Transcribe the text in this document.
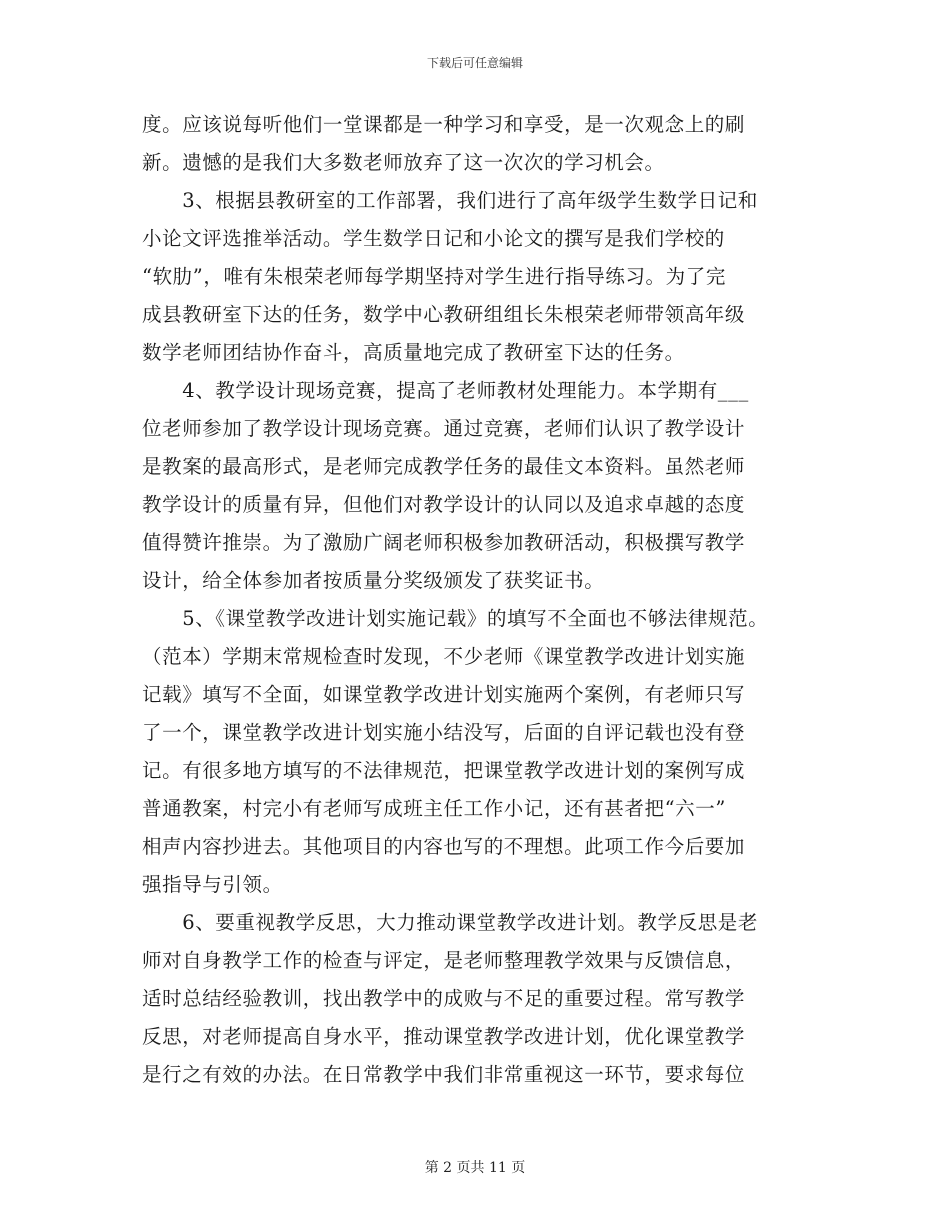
下载后可任意编辑
度。应该说每听他们一堂课都是一种学习和享受，是一次观念上的刷
新。遗憾的是我们大多数老师放弃了这一次次的学习机会。
　　3、根据县教研室的工作部署，我们进行了高年级学生数学日记和
小论文评选推举活动。学生数学日记和小论文的撰写是我们学校的
“软肋”，唯有朱根荣老师每学期坚持对学生进行指导练习。为了完
成县教研室下达的任务，数学中心教研组组长朱根荣老师带领高年级
数学老师团结协作奋斗，高质量地完成了教研室下达的任务。
　　4、教学设计现场竞赛，提高了老师教材处理能力。本学期有___
位老师参加了教学设计现场竞赛。通过竞赛，老师们认识了教学设计
是教案的最高形式，是老师完成教学任务的最佳文本资料。虽然老师
教学设计的质量有异，但他们对教学设计的认同以及追求卓越的态度
值得赞许推崇。为了激励广阔老师积极参加教研活动，积极撰写教学
设计，给全体参加者按质量分奖级颁发了获奖证书。
　　5、《课堂教学改进计划实施记载》的填写不全面也不够法律规范。
（范本）学期末常规检查时发现，不少老师《课堂教学改进计划实施
记载》填写不全面，如课堂教学改进计划实施两个案例，有老师只写
了一个，课堂教学改进计划实施小结没写，后面的自评记载也没有登
记。有很多地方填写的不法律规范，把课堂教学改进计划的案例写成
普通教案，村完小有老师写成班主任工作小记，还有甚者把“六一”
相声内容抄进去。其他项目的内容也写的不理想。此项工作今后要加
强指导与引领。
　　6、要重视教学反思，大力推动课堂教学改进计划。教学反思是老
师对自身教学工作的检查与评定，是老师整理教学效果与反馈信息，
适时总结经验教训，找出教学中的成败与不足的重要过程。常写教学
反思，对老师提高自身水平，推动课堂教学改进计划，优化课堂教学
是行之有效的办法。在日常教学中我们非常重视这一环节，要求每位
第 2 页共 11 页
